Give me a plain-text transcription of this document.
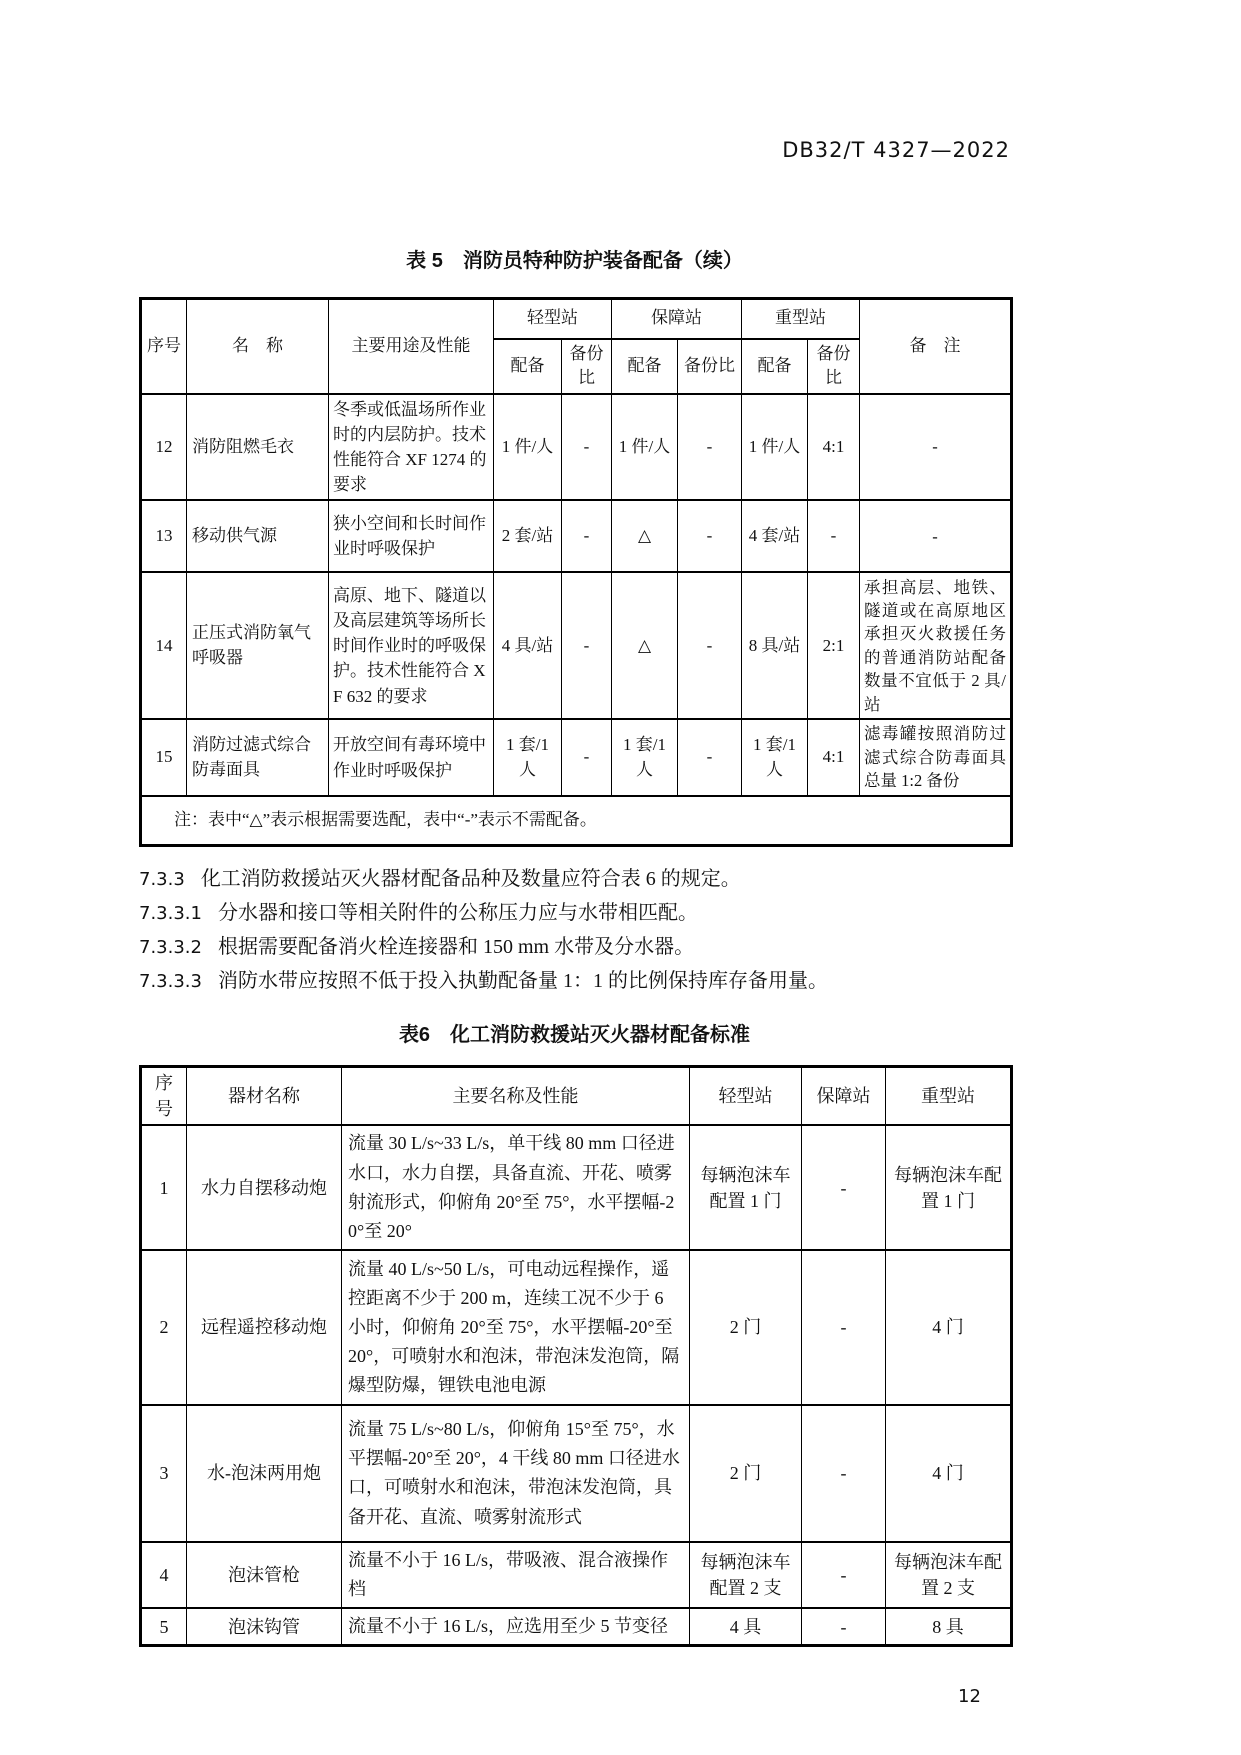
DB32/T 4327—2022
表 5　消防员特种防护装备配备（续）
序号	名　称	主要用途及性能	轻型站		保障站		重型站		备　注
			配备	备份比	配备	备份比	配备	备份比	
12	消防阻燃毛衣	冬季或低温场所作业时的内层防护。技术性能符合 XF 1274 的要求	1 件/人	-	1 件/人	-	1 件/人	4:1	-
13	移动供气源	狭小空间和长时间作业时呼吸保护	2 套/站	-	△	-	4 套/站	-	-
14	正压式消防氧气呼吸器	高原、地下、隧道以及高层建筑等场所长时间作业时的呼吸保护。技术性能符合 XF 632 的要求	4 具/站	-	△	-	8 具/站	2:1	承担高层、地铁、隧道或在高原地区承担灭火救援任务的普通消防站配备数量不宜低于 2 具/站
15	消防过滤式综合防毒面具	开放空间有毒环境中作业时呼吸保护	1 套/1 人	-	1 套/1 人	-	1 套/1 人	4:1	滤毒罐按照消防过滤式综合防毒面具总量 1:2 备份
注：表中“△”表示根据需要选配，表中“-”表示不需配备。									
7.3.3 化工消防救援站灭火器材配备品种及数量应符合表 6 的规定。
7.3.3.1 分水器和接口等相关附件的公称压力应与水带相匹配。
7.3.3.2 根据需要配备消火栓连接器和 150 mm 水带及分水器。
7.3.3.3 消防水带应按照不低于投入执勤配备量 1：1 的比例保持库存备用量。
表6　化工消防救援站灭火器材配备标准
序号	器材名称	主要名称及性能	轻型站	保障站	重型站
1	水力自摆移动炮	流量 30 L/s~33 L/s，单干线 80 mm 口径进水口，水力自摆，具备直流、开花、喷雾射流形式，仰俯角 20°至 75°，水平摆幅-20°至 20°	每辆泡沫车配置 1 门	-	每辆泡沫车配置 1 门
2	远程遥控移动炮	流量 40 L/s~50 L/s，可电动远程操作，遥控距离不少于 200 m，连续工况不少于 6 小时，仰俯角 20°至 75°，水平摆幅-20°至 20°，可喷射水和泡沫，带泡沫发泡筒，隔爆型防爆，锂铁电池电源	2 门	-	4 门
3	水-泡沫两用炮	流量 75 L/s~80 L/s，仰俯角 15°至 75°，水平摆幅-20°至 20°，4 干线 80 mm 口径进水口，可喷射水和泡沫，带泡沫发泡筒，具备开花、直流、喷雾射流形式	2 门	-	4 门
4	泡沫管枪	流量不小于 16 L/s，带吸液、混合液操作档	每辆泡沫车配置 2 支	-	每辆泡沫车配置 2 支
5	泡沫钩管	流量不小于 16 L/s，应选用至少 5 节变径	4 具	-	8 具
12
